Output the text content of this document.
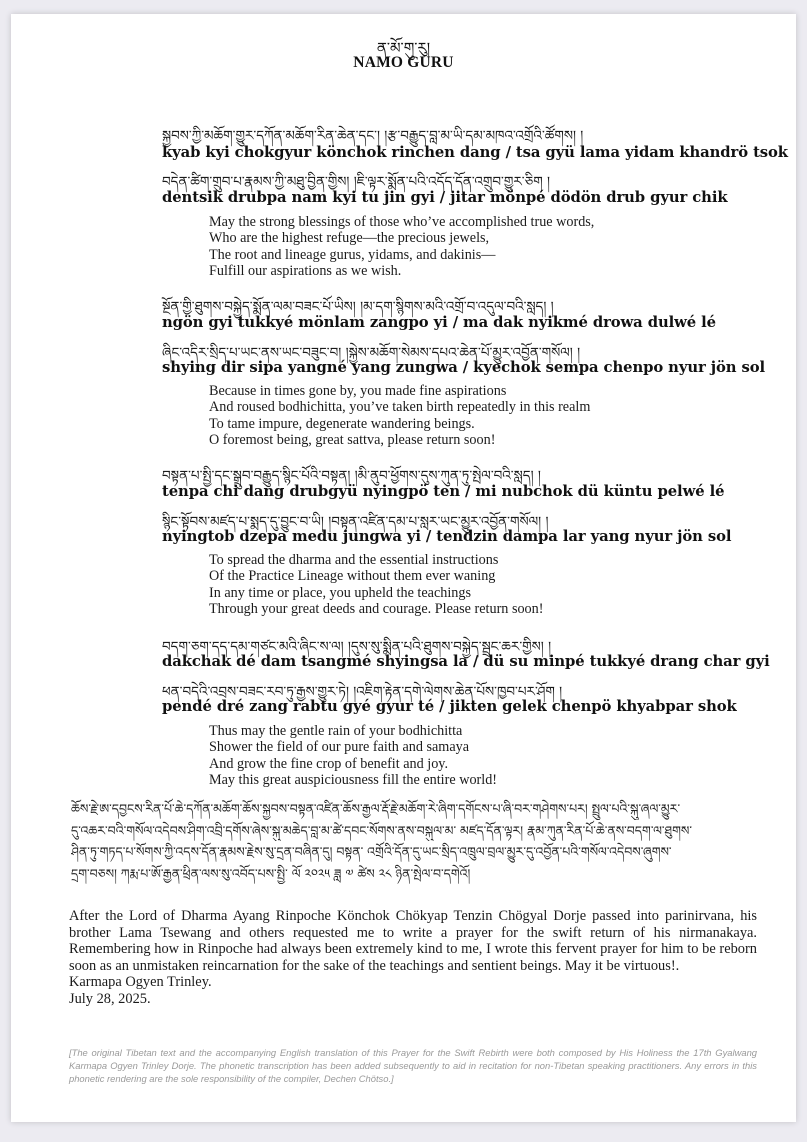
ན་མོ་གུ་རུ།
NAMO GURU
སྐྱབས་ཀྱི་མཆོག་གྱུར་དཀོན་མཆོག་རིན་ཆེན་དང་། །རྩ་བརྒྱུད་བླ་མ་ཡི་དམ་མཁའ་འགྲོའི་ཚོགས། །
kyab kyi chokgyur könchok rinchen dang / tsa gyü lama yidam khandrö tsok
བདེན་ཚིག་གྲུབ་པ་རྣམས་ཀྱི་མཐུ་བྱིན་གྱིས། །ཇི་ལྟར་སྨོན་པའི་འདོད་དོན་འགྲུབ་གྱུར་ཅིག །
dentsik drubpa nam kyi tu jin gyi / jitar mönpé dödön drub gyur chik
May the strong blessings of those who’ve accomplished true words,
Who are the highest refuge—the precious jewels,
The root and lineage gurus, yidams, and dakinis—
Fulfill our aspirations as we wish.
སྔོན་གྱི་ཐུགས་བསྐྱེད་སྨོན་ལམ་བཟང་པོ་ཡིས། །མ་དག་སྙིགས་མའི་འགྲོ་བ་འདུལ་བའི་སླད། །
ngön gyi tukkyé mönlam zangpo yi / ma dak nyikmé drowa dulwé lé
ཞིང་འདིར་སྲིད་པ་ཡང་ནས་ཡང་བཟུང་བ། །སྐྱེས་མཆོག་སེམས་དཔའ་ཆེན་པོ་མྱུར་འབྱོན་གསོལ། །
shying dir sipa yangné yang zungwa / kyechok sempa chenpo nyur jön sol
Because in times gone by, you made fine aspirations
And roused bodhichitta, you’ve taken birth repeatedly in this realm
To tame impure, degenerate wandering beings.
O foremost being, great sattva, please return soon!
བསྟན་པ་སྤྱི་དང་སྒྲུབ་བརྒྱུད་སྙིང་པོའི་བསྟན། །མི་ནུབ་ཕྱོགས་དུས་ཀུན་ཏུ་སྤེལ་བའི་སླད། །
tenpa chi dang drubgyü nyingpö ten / mi nubchok dü küntu pelwé lé
སྙིང་སྟོབས་མཛད་པ་སྨད་དུ་བྱུང་བ་ཡི། །བསྟན་འཛིན་དམ་པ་སླར་ཡང་མྱུར་འབྱོན་གསོལ། །
nyingtob dzepa medu jungwa yi / tendzin dampa lar yang nyur jön sol
To spread the dharma and the essential instructions
Of the Practice Lineage without them ever waning
In any time or place, you upheld the teachings
Through your great deeds and courage. Please return soon!
བདག་ཅག་དད་དམ་གཙང་མའི་ཞིང་ས་ལ། །དུས་སུ་སྨིན་པའི་ཐུགས་བསྐྱེད་སྦྲང་ཆར་གྱིས། །
dakchak dé dam tsangmé shyingsa la / dü su minpé tukkyé drang char gyi
ཕན་བདེའི་འབྲས་བཟང་རབ་ཏུ་རྒྱས་གྱུར་ཏེ། །འཇིག་རྟེན་དགེ་ལེགས་ཆེན་པོས་ཁྱབ་པར་ཤོག །
pendé dré zang rabtu gyé gyur té / jikten gelek chenpö khyabpar shok
Thus may the gentle rain of your bodhichitta
Shower the field of our pure faith and samaya
And grow the fine crop of benefit and joy.
May this great auspiciousness fill the entire world!
ཆོས་རྗེ་ཨ་དབྱངས་རིན་པོ་ཆེ་དཀོན་མཆོག་ཆོས་སྐྱབས་བསྟན་འཛིན་ཆོས་རྒྱལ་རྡོ་རྗེ་མཆོག་རེ་ཞིག་དགོངས་པ་ཞི་བར་གཤེགས་པར། སྤྲུལ་པའི་སྐུ་ཞལ་མྱུར་
དུ་འཆར་བའི་གསོལ་འདེབས་ཤིག་འབྲི་དགོས་ཞེས་སྐུ་མཆེད་བླ་མ་ཚེ་དབང་སོགས་ནས་བསྐུལ་མ་ མཛད་དོན་ལྟར། རྣམ་ཀུན་རིན་པོ་ཆེ་ནས་བདག་ལ་ཐུགས་
ཤིན་ཏུ་གཏད་པ་སོགས་ཀྱི་འདས་དོན་རྣམས་རྗེས་སུ་དྲན་བཞིན་དུ། བསྟན་ འགྲོའི་དོན་དུ་ཡང་སྲིད་འཁྲུལ་བྲལ་མྱུར་དུ་འབྱོན་པའི་གསོལ་འདེབས་ཞུགས་
དྲག་བཅས། ཀརྨ་པ་ཨོ་རྒྱན་ཕྲིན་ལས་སུ་འབོད་པས་སྤྱི་ ལོ ༢༠༢༥ ཟླ ༧ ཚེས ༢༨ ཉིན་སྤེལ་བ་དགེའོ།
After the Lord of Dharma Ayang Rinpoche Könchok Chökyap Tenzin Chögyal Dorje passed into parinirvana, his brother Lama Tsewang and others requested me to write a prayer for the swift return of his nirmanakaya. Remembering how in Rinpoche had always been extremely kind to me, I wrote this fervent prayer for him to be reborn soon as an unmistaken reincarnation for the sake of the teachings and sentient beings. May it be virtuous!.
Karmapa Ogyen Trinley.
July 28, 2025.
[The original Tibetan text and the accompanying English translation of this Prayer for the Swift Rebirth were both composed by His Holiness the 17th Gyalwang Karmapa Ogyen Trinley Dorje. The phonetic transcription has been added subsequently to aid in recitation for non-Tibetan speaking practitioners. Any errors in this phonetic rendering are the sole responsibility of the compiler, Dechen Chötso.]
